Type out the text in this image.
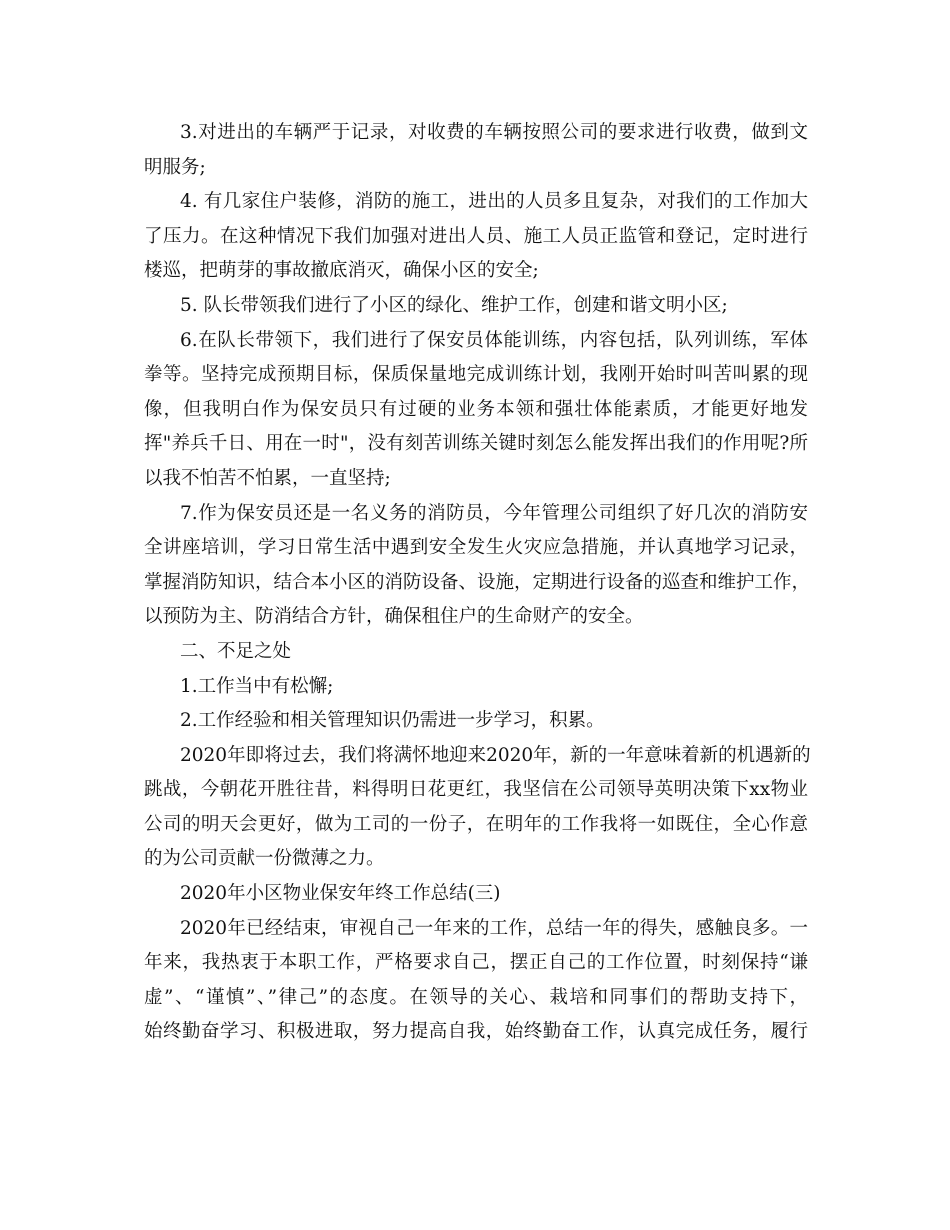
3.对进出的车辆严于记录，对收费的车辆按照公司的要求进行收费，做到文
明服务;
4. 有几家住户装修，消防的施工，进出的人员多且复杂，对我们的工作加大
了压力。在这种情况下我们加强对进出人员、施工人员正监管和登记，定时进行
楼巡，把萌芽的事故撤底消灭，确保小区的安全;
5. 队长带领我们进行了小区的绿化、维护工作，创建和谐文明小区;
6.在队长带领下，我们进行了保安员体能训练，内容包括，队列训练，军体
拳等。坚持完成预期目标，保质保量地完成训练计划，我刚开始时叫苦叫累的现
像，但我明白作为保安员只有过硬的业务本领和强壮体能素质，才能更好地发
挥"养兵千日、用在一时"，没有刻苦训练关键时刻怎么能发挥出我们的作用呢?所
以我不怕苦不怕累，一直坚持;
7.作为保安员还是一名义务的消防员，今年管理公司组织了好几次的消防安
全讲座培训，学习日常生活中遇到安全发生火灾应急措施，并认真地学习记录，
掌握消防知识，结合本小区的消防设备、设施，定期进行设备的巡查和维护工作，
以预防为主、防消结合方针，确保租住户的生命财产的安全。
二、不足之处
1.工作当中有松懈;
2.工作经验和相关管理知识仍需进一步学习，积累。
2020年即将过去，我们将满怀地迎来2020年，新的一年意味着新的机遇新的
跳战，今朝花开胜往昔，料得明日花更红，我坚信在公司领导英明决策下xx物业
公司的明天会更好，做为工司的一份子，在明年的工作我将一如既住，全心作意
的为公司贡献一份微薄之力。
2020年小区物业保安年终工作总结(三)
2020年已经结束，审视自己一年来的工作，总结一年的得失，感触良多。一
年来，我热衷于本职工作，严格要求自己，摆正自己的工作位置，时刻保持“谦
虚”、“谨慎”、”律己”的态度。在领导的关心、栽培和同事们的帮助支持下，
始终勤奋学习、积极进取，努力提高自我，始终勤奋工作，认真完成任务，履行
